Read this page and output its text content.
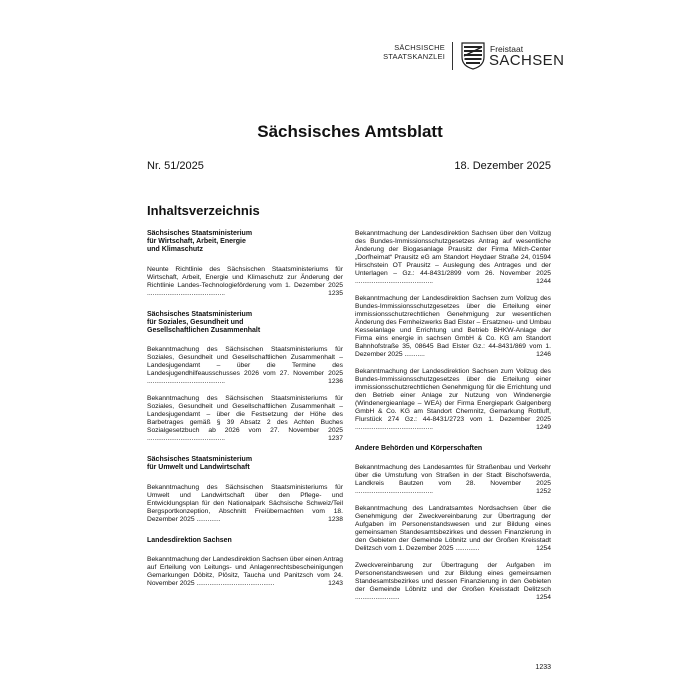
SÄCHSISCHE
STAATSKANZLEI
Freistaat
SACHSEN
Sächsisches Amtsblatt
Nr. 51/2025	18. Dezember 2025
Inhaltsverzeichnis
Sächsisches Staatsministerium
für Wirtschaft, Arbeit, Energie
und Klimaschutz

Neunte Richtlinie des Sächsischen Staatsministeriums für Wirtschaft, Arbeit, Energie und Klimaschutz zur Änderung der Richtlinie Landes-Technologieförderung vom 1. Dezember 2025 ..........................................	1235

Sächsisches Staatsministerium
für Soziales, Gesundheit und
Gesellschaftlichen Zusammenhalt

Bekanntmachung des Sächsischen Staatsministeriums für Soziales, Gesundheit und Gesellschaftlichen Zusammenhalt – Landesjugendamt – über die Termine des Landesjugendhilfeausschusses 2026 vom 27. November 2025 ..........................................	1236

Bekanntmachung des Sächsischen Staatsministeriums für Soziales, Gesundheit und Gesellschaftlichen Zusammenhalt – Landesjugendamt – über die Festsetzung der Höhe des Barbetrages gemäß § 39 Absatz 2 des Achten Buches Sozialgesetzbuch ab 2026 vom 27. November 2025 ..........................................	1237

Sächsisches Staatsministerium
für Umwelt und Landwirtschaft

Bekanntmachung des Sächsischen Staatsministeriums für Umwelt und Landwirtschaft über den Pflege- und Entwicklungsplan für den Nationalpark Sächsische Schweiz/Teil Bergsportkonzeption, Abschnitt Freiübernachten vom 18. Dezember 2025 .............	1238

Landesdirektion Sachsen

Bekanntmachung der Landesdirektion Sachsen über einen Antrag auf Erteilung von Leitungs- und Anlagenrechtsbescheinigungen Gemarkungen Döbitz, Plösitz, Taucha und Panitzsch vom 24. November 2025 ..........................................	1243

Bekanntmachung der Landesdirektion Sachsen über den Vollzug des Bundes-Immissionsschutzgesetzes Antrag auf wesentliche Änderung der Biogasanlage Prausitz der Firma Milch-Center „Dorfheimat“ Prausitz eG am Standort Heydaer Straße 24, 01594 Hirschstein OT Prausitz – Auslegung des Antrages und der Unterlagen – Gz.: 44-8431/2899 vom 26. November 2025 ..........................................	1244

Bekanntmachung der Landesdirektion Sachsen zum Vollzug des Bundes-Immissionsschutzgesetzes über die Erteilung einer immissionsschutzrechtlichen Genehmigung zur wesentlichen Änderung des Fernheizwerks Bad Elster – Ersatzneu- und Umbau Kesselanlage und Errichtung und Betrieb BHKW-Anlage der Firma eins energie in sachsen GmbH & Co. KG am Standort Bahnhofstraße 35, 08645 Bad Elster Gz.: 44-8431/869 vom 1. Dezember 2025 ...........	1246

Bekanntmachung der Landesdirektion Sachsen zum Vollzug des Bundes-Immissionsschutzgesetzes über die Erteilung einer immissionsschutzrechtlichen Genehmigung für die Errichtung und den Betrieb einer Anlage zur Nutzung von Windenergie (Windenergieanlage – WEA) der Firma Energiepark Galgenberg GmbH & Co. KG am Standort Chemnitz, Gemarkung Rottluff, Flurstück 274 Gz.: 44-8431/2723 vom 1. Dezember 2025 ..........................................	1249

Andere Behörden und Körperschaften

Bekanntmachung des Landesamtes für Straßenbau und Verkehr über die Umstufung von Straßen in der Stadt Bischofswerda, Landkreis Bautzen vom 28. November 2025 ..........................................	1252

Bekanntmachung des Landratsamtes Nordsachsen über die Genehmigung der Zweckvereinbarung zur Übertragung der Aufgaben im Personenstandswesen und zur Bildung eines gemeinsamen Standesamtsbezirkes und dessen Finanzierung in den Gebieten der Gemeinde Löbnitz und der Großen Kreisstadt Delitzsch vom 1. Dezember 2025 .............	1254

Zweckvereinbarung zur Übertragung der Aufgaben im Personenstandswesen und zur Bildung eines gemeinsamen Standesamtsbezirkes und dessen Finanzierung in den Gebieten der Gemeinde Löbnitz und der Großen Kreisstadt Delitzsch ........................	1254

1233
